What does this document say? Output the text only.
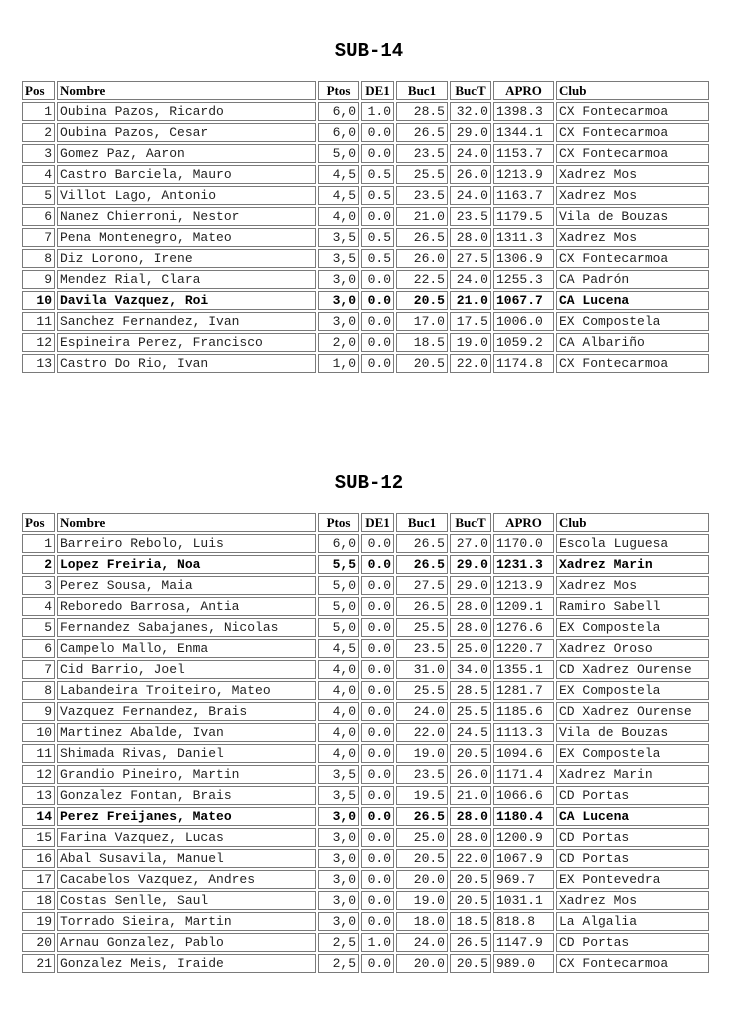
SUB-14
Pos	Nombre	Ptos	DE1	Buc1	BucT	APRO	Club
1	Oubina Pazos, Ricardo	6,0	1.0	28.5	32.0	1398.3	CX Fontecarmoa
2	Oubina Pazos, Cesar	6,0	0.0	26.5	29.0	1344.1	CX Fontecarmoa
3	Gomez Paz, Aaron	5,0	0.0	23.5	24.0	1153.7	CX Fontecarmoa
4	Castro Barciela, Mauro	4,5	0.5	25.5	26.0	1213.9	Xadrez Mos
5	Villot Lago, Antonio	4,5	0.5	23.5	24.0	1163.7	Xadrez Mos
6	Nanez Chierroni, Nestor	4,0	0.0	21.0	23.5	1179.5	Vila de Bouzas
7	Pena Montenegro, Mateo	3,5	0.5	26.5	28.0	1311.3	Xadrez Mos
8	Diz Lorono, Irene	3,5	0.5	26.0	27.5	1306.9	CX Fontecarmoa
9	Mendez Rial, Clara	3,0	0.0	22.5	24.0	1255.3	CA Padrón
10	Davila Vazquez, Roi	3,0	0.0	20.5	21.0	1067.7	CA Lucena
11	Sanchez Fernandez, Ivan	3,0	0.0	17.0	17.5	1006.0	EX Compostela
12	Espineira Perez, Francisco	2,0	0.0	18.5	19.0	1059.2	CA Albariño
13	Castro Do Rio, Ivan	1,0	0.0	20.5	22.0	1174.8	CX Fontecarmoa
SUB-12
Pos	Nombre	Ptos	DE1	Buc1	BucT	APRO	Club
1	Barreiro Rebolo, Luis	6,0	0.0	26.5	27.0	1170.0	Escola Luguesa
2	Lopez Freiria, Noa	5,5	0.0	26.5	29.0	1231.3	Xadrez Marin
3	Perez Sousa, Maia	5,0	0.0	27.5	29.0	1213.9	Xadrez Mos
4	Reboredo Barrosa, Antia	5,0	0.0	26.5	28.0	1209.1	Ramiro Sabell
5	Fernandez Sabajanes, Nicolas	5,0	0.0	25.5	28.0	1276.6	EX Compostela
6	Campelo Mallo, Enma	4,5	0.0	23.5	25.0	1220.7	Xadrez Oroso
7	Cid Barrio, Joel	4,0	0.0	31.0	34.0	1355.1	CD Xadrez Ourense
8	Labandeira Troiteiro, Mateo	4,0	0.0	25.5	28.5	1281.7	EX Compostela
9	Vazquez Fernandez, Brais	4,0	0.0	24.0	25.5	1185.6	CD Xadrez Ourense
10	Martinez Abalde, Ivan	4,0	0.0	22.0	24.5	1113.3	Vila de Bouzas
11	Shimada Rivas, Daniel	4,0	0.0	19.0	20.5	1094.6	EX Compostela
12	Grandio Pineiro, Martin	3,5	0.0	23.5	26.0	1171.4	Xadrez Marin
13	Gonzalez Fontan, Brais	3,5	0.0	19.5	21.0	1066.6	CD Portas
14	Perez Freijanes, Mateo	3,0	0.0	26.5	28.0	1180.4	CA Lucena
15	Farina Vazquez, Lucas	3,0	0.0	25.0	28.0	1200.9	CD Portas
16	Abal Susavila, Manuel	3,0	0.0	20.5	22.0	1067.9	CD Portas
17	Cacabelos Vazquez, Andres	3,0	0.0	20.0	20.5	969.7	EX Pontevedra
18	Costas Senlle, Saul	3,0	0.0	19.0	20.5	1031.1	Xadrez Mos
19	Torrado Sieira, Martin	3,0	0.0	18.0	18.5	818.8	La Algalia
20	Arnau Gonzalez, Pablo	2,5	1.0	24.0	26.5	1147.9	CD Portas
21	Gonzalez Meis, Iraide	2,5	0.0	20.0	20.5	989.0	CX Fontecarmoa
